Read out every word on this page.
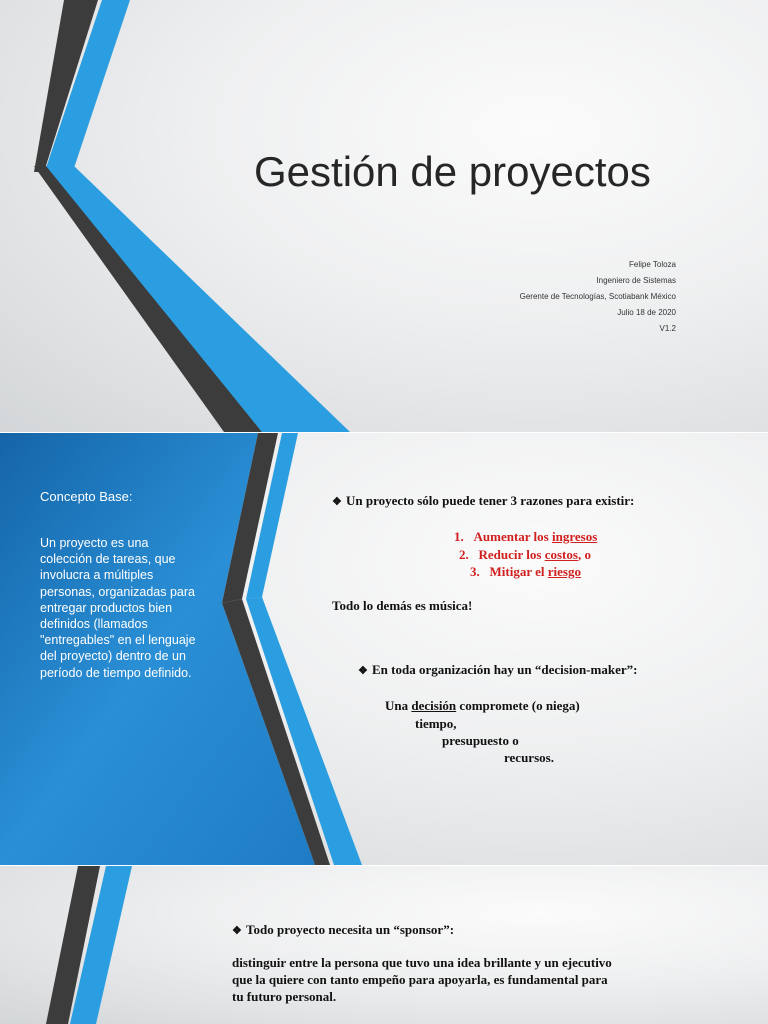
Gestión de proyectos
Felipe Toloza
Ingeniero de Sistemas
Gerente de Tecnologías, Scotiabank México
Julio 18 de 2020
V1.2
Concepto Base:
Un proyecto es una colección de tareas, que involucra a múltiples personas, organizadas para entregar productos bien definidos (llamados "entregables" en el lenguaje del proyecto) dentro de un período de tiempo definido.
❖ Un proyecto sólo puede tener 3 razones para existir:
1. Aumentar los ingresos
2. Reducir los costos, o
3. Mitigar el riesgo
Todo lo demás es música!
❖ En toda organización hay un “decision-maker”:
Una decisión compromete (o niega)
tiempo,
presupuesto o
recursos.
❖ Todo proyecto necesita un “sponsor”:
distinguir entre la persona que tuvo una idea brillante y un ejecutivo que la quiere con tanto empeño para apoyarla, es fundamental para tu futuro personal.
